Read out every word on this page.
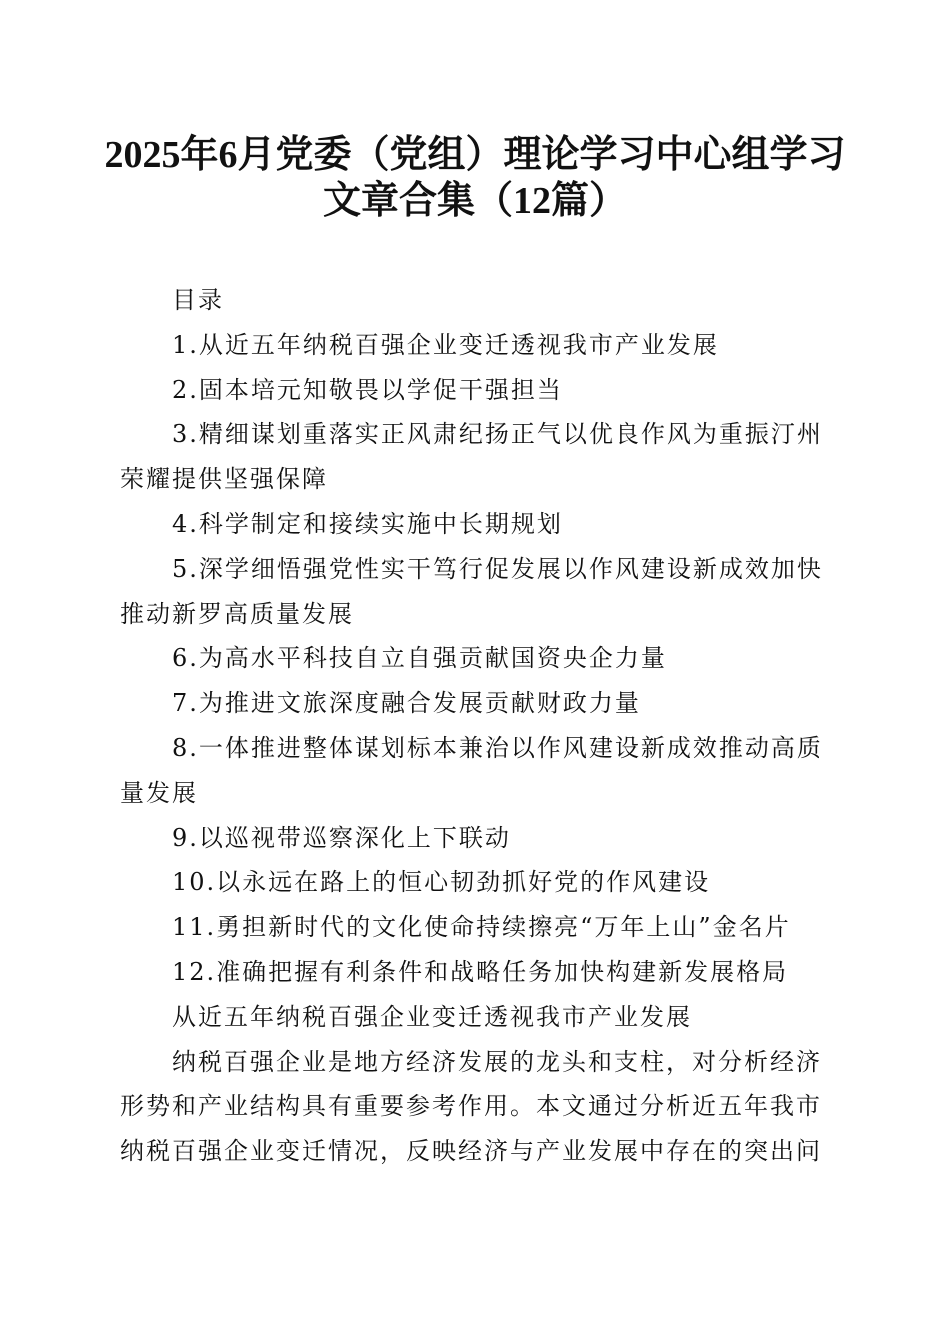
2025年6月党委（党组）理论学习中心组学习
文章合集（12篇）

目录

1.从近五年纳税百强企业变迁透视我市产业发展

2.固本培元知敬畏以学促干强担当

3.精细谋划重落实正风肃纪扬正气以优良作风为重振汀州荣耀提供坚强保障

4.科学制定和接续实施中长期规划

5.深学细悟强党性实干笃行促发展以作风建设新成效加快推动新罗高质量发展

6.为高水平科技自立自强贡献国资央企力量

7.为推进文旅深度融合发展贡献财政力量

8.一体推进整体谋划标本兼治以作风建设新成效推动高质量发展

9.以巡视带巡察深化上下联动

10.以永远在路上的恒心韧劲抓好党的作风建设

11.勇担新时代的文化使命持续擦亮“万年上山”金名片

12.准确把握有利条件和战略任务加快构建新发展格局

从近五年纳税百强企业变迁透视我市产业发展

纳税百强企业是地方经济发展的龙头和支柱，对分析经济形势和产业结构具有重要参考作用。本文通过分析近五年我市纳税百强企业变迁情况，反映经济与产业发展中存在的突出问
